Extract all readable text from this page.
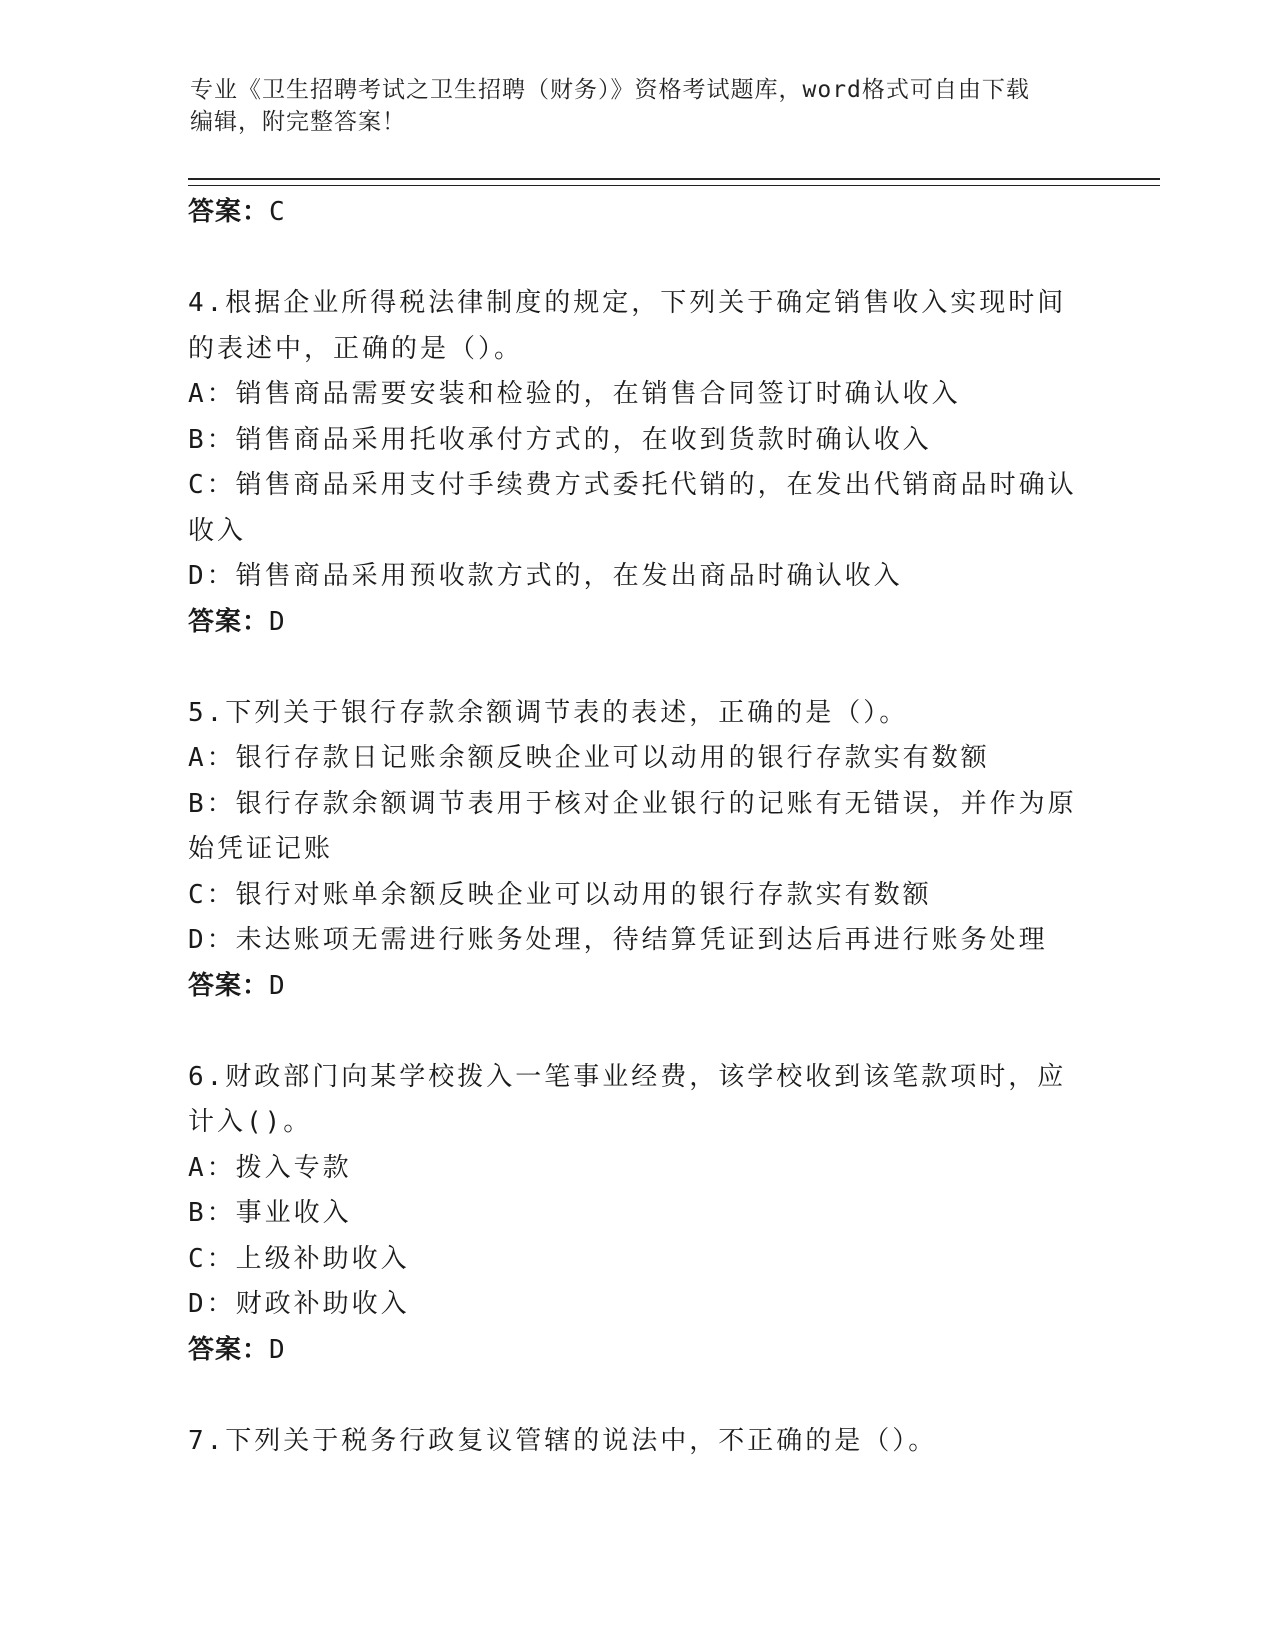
专业《卫生招聘考试之卫生招聘（财务）》资格考试题库，word格式可自由下载
编辑，附完整答案！
答案：C
4.根据企业所得税法律制度的规定，下列关于确定销售收入实现时间
的表述中，正确的是（）。
A：销售商品需要安装和检验的，在销售合同签订时确认收入
B：销售商品采用托收承付方式的，在收到货款时确认收入
C：销售商品采用支付手续费方式委托代销的，在发出代销商品时确认
收入
D：销售商品采用预收款方式的，在发出商品时确认收入
答案：D
5.下列关于银行存款余额调节表的表述，正确的是（）。
A：银行存款日记账余额反映企业可以动用的银行存款实有数额
B：银行存款余额调节表用于核对企业银行的记账有无错误，并作为原
始凭证记账
C：银行对账单余额反映企业可以动用的银行存款实有数额
D：未达账项无需进行账务处理，待结算凭证到达后再进行账务处理
答案：D
6.财政部门向某学校拨入一笔事业经费，该学校收到该笔款项时，应
计入()。
A：拨入专款
B：事业收入
C：上级补助收入
D：财政补助收入
答案：D
7.下列关于税务行政复议管辖的说法中，不正确的是（）。
